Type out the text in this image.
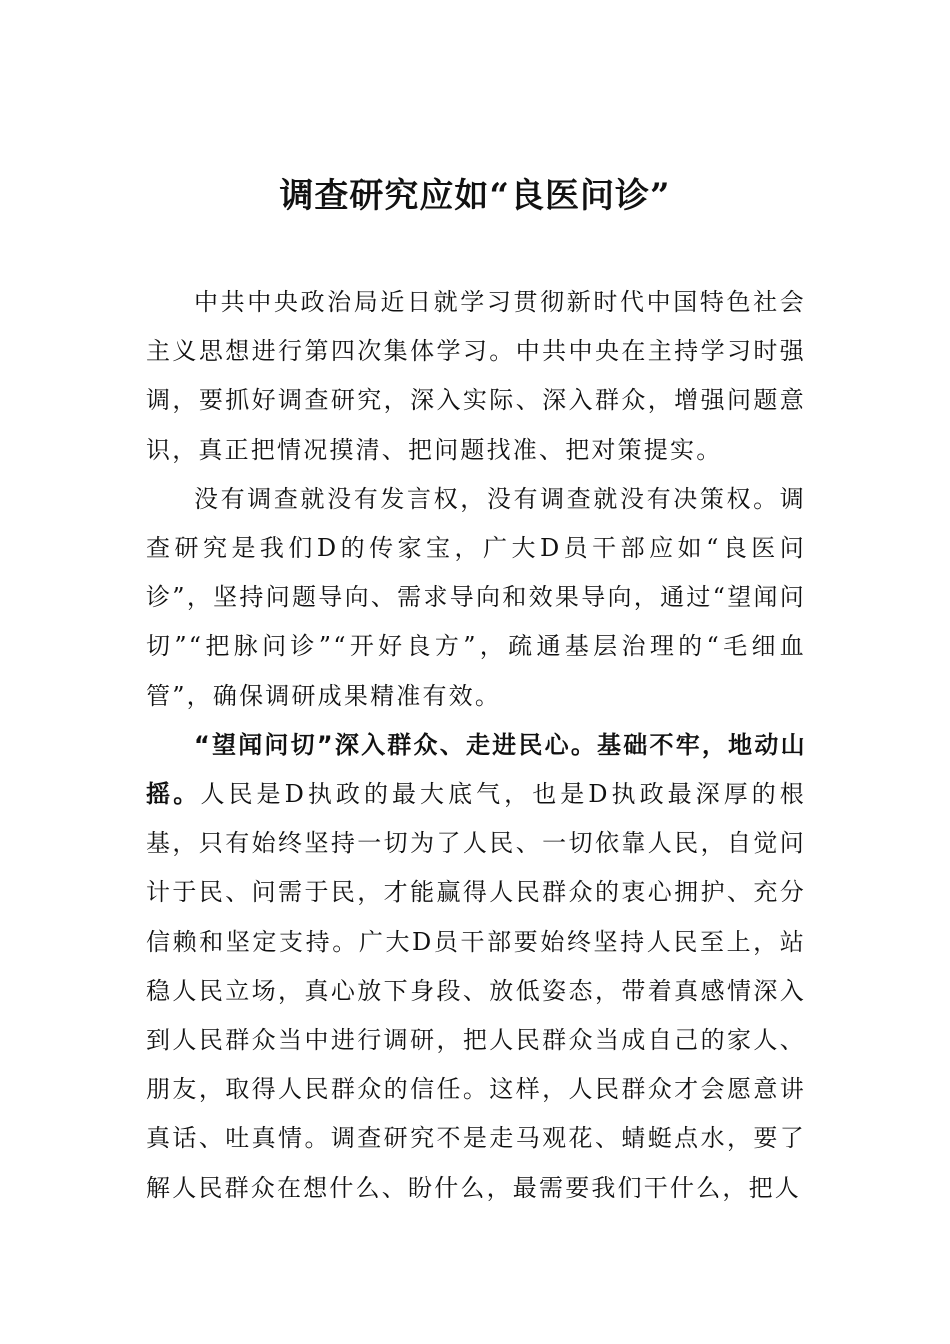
调查研究应如“良医问诊”

中共中央政治局近日就学习贯彻新时代中国特色社会主义思想进行第四次集体学习。中共中央在主持学习时强调，要抓好调查研究，深入实际、深入群众，增强问题意识，真正把情况摸清、把问题找准、把对策提实。

没有调查就没有发言权，没有调查就没有决策权。调查研究是我们D的传家宝，广大D员干部应如“良医问诊”，坚持问题导向、需求导向和效果导向，通过“望闻问切”“把脉问诊”“开好良方”，疏通基层治理的“毛细血管”，确保调研成果精准有效。

“望闻问切”深入群众、走进民心。基础不牢，地动山摇。人民是D执政的最大底气，也是D执政最深厚的根基，只有始终坚持一切为了人民、一切依靠人民，自觉问计于民、问需于民，才能赢得人民群众的衷心拥护、充分信赖和坚定支持。广大D员干部要始终坚持人民至上，站稳人民立场，真心放下身段、放低姿态，带着真感情深入到人民群众当中进行调研，把人民群众当成自己的家人、朋友，取得人民群众的信任。这样，人民群众才会愿意讲真话、吐真情。调查研究不是走马观花、蜻蜓点水，要了解人民群众在想什么、盼什么，最需要我们干什么，把人
